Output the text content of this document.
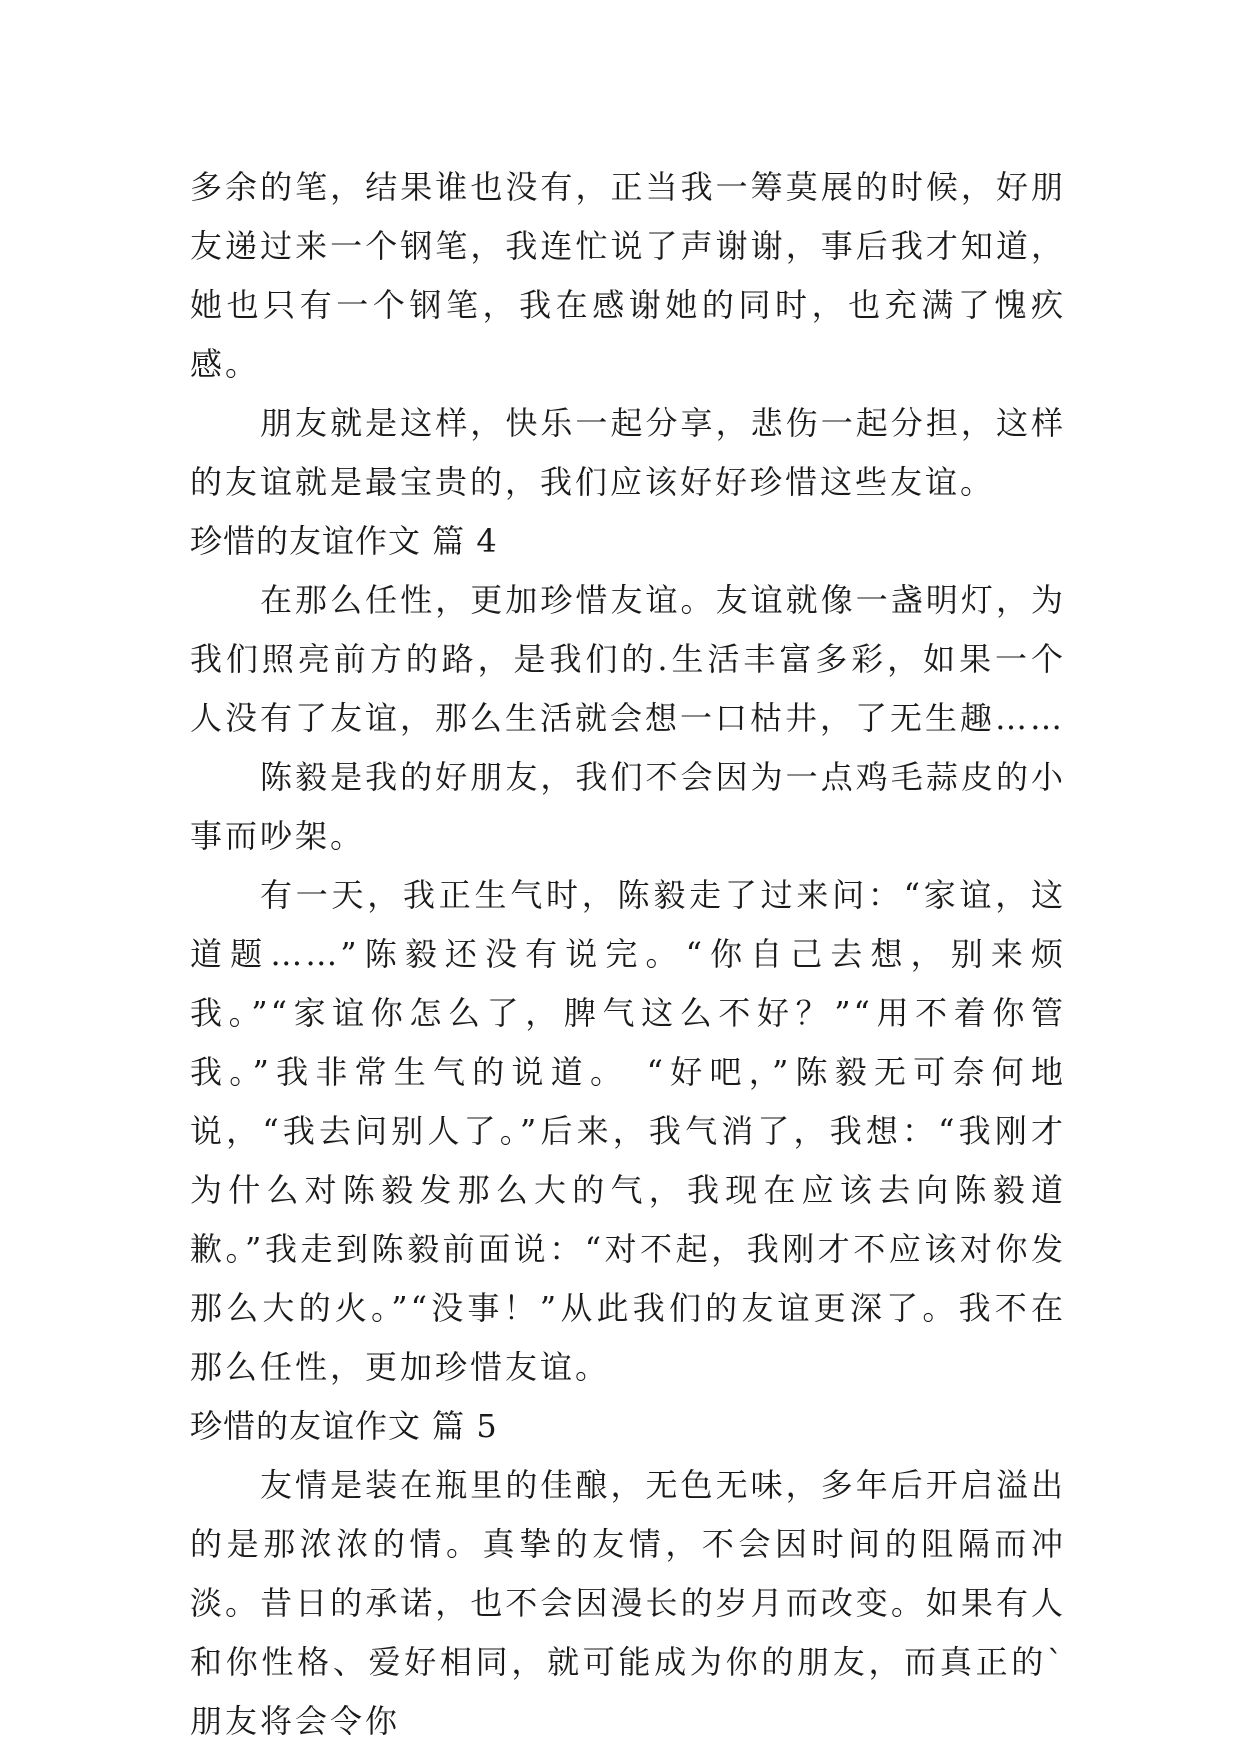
多余的笔，结果谁也没有，正当我一筹莫展的时候，好朋友递过来一个钢笔，我连忙说了声谢谢，事后我才知道，她也只有一个钢笔，我在感谢她的同时，也充满了愧疚感。

朋友就是这样，快乐一起分享，悲伤一起分担，这样的友谊就是最宝贵的，我们应该好好珍惜这些友谊。

珍惜的友谊作文 篇 4

在那么任性，更加珍惜友谊。友谊就像一盏明灯，为我们照亮前方的路，是我们的.生活丰富多彩，如果一个人没有了友谊，那么生活就会想一口枯井，了无生趣……

陈毅是我的好朋友，我们不会因为一点鸡毛蒜皮的小事而吵架。

有一天，我正生气时，陈毅走了过来问：“家谊，这道题……”陈毅还没有说完。“你自己去想，别来烦我。”“家谊你怎么了，脾气这么不好？”“用不着你管我。”我非常生气的说道。 “好吧，”陈毅无可奈何地说，“我去问别人了。”后来，我气消了，我想：“我刚才为什么对陈毅发那么大的气，我现在应该去向陈毅道歉。”我走到陈毅前面说：“对不起，我刚才不应该对你发那么大的火。”“没事！”从此我们的友谊更深了。我不在那么任性，更加珍惜友谊。

珍惜的友谊作文 篇 5

友情是装在瓶里的佳酿，无色无味，多年后开启溢出的是那浓浓的情。真挚的友情，不会因时间的阻隔而冲淡。昔日的承诺，也不会因漫长的岁月而改变。如果有人和你性格、爱好相同，就可能成为你的朋友，而真正的`朋友将会令你
